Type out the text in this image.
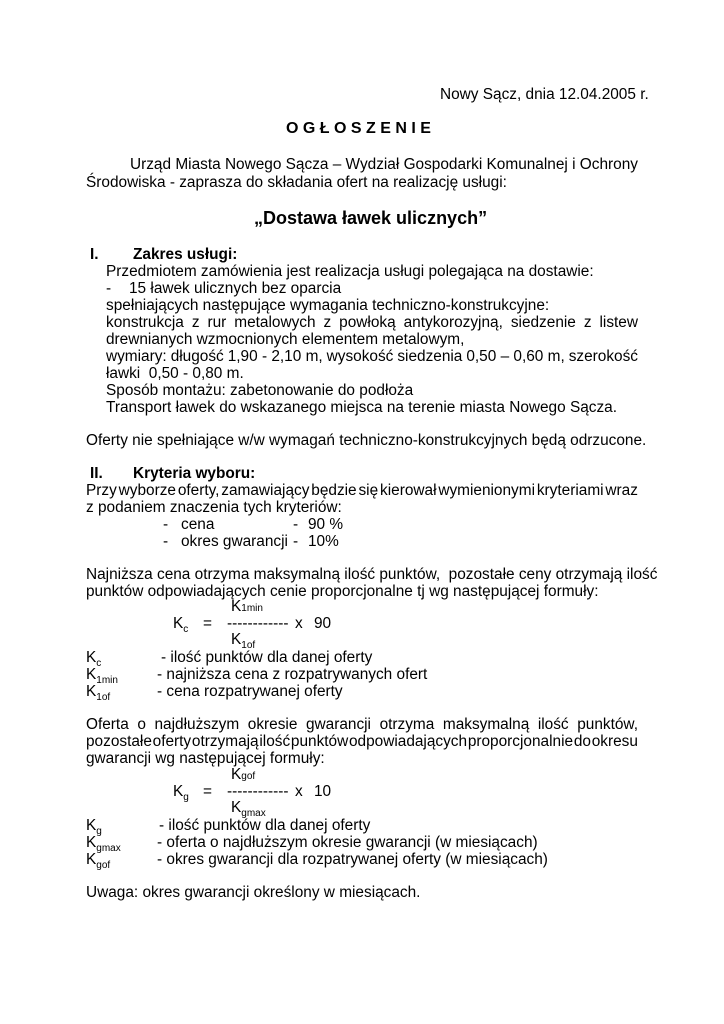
Nowy Sącz, dnia 12.04.2005 r.
O G Ł O S Z E N I E
Urząd Miasta Nowego Sącza – Wydział Gospodarki Komunalnej i Ochrony
Środowiska - zaprasza do składania ofert na realizację usługi:
„Dostawa ławek ulicznych”
I. Zakres usługi:
Przedmiotem zamówienia jest realizacja usługi polegająca na dostawie:
- 15 ławek ulicznych bez oparcia
spełniających następujące wymagania techniczno-konstrukcyjne:
konstrukcja z rur metalowych z powłoką antykorozyjną, siedzenie z listew
drewnianych wzmocnionych elementem metalowym,
wymiary: długość 1,90 - 2,10 m, wysokość siedzenia 0,50 – 0,60 m, szerokość
ławki  0,50 - 0,80 m.
Sposób montażu: zabetonowanie do podłoża
Transport ławek do wskazanego miejsca na terenie miasta Nowego Sącza.
Oferty nie spełniające w/w wymagań techniczno-konstrukcyjnych będą odrzucone.
II. Kryteria wyboru:
Przy wyborze oferty, zamawiający będzie się kierował wymienionymi kryteriami wraz
z podaniem znaczenia tych kryteriów:
- cena	- 90 %
- okres gwarancji - 10%
Najniższa cena otrzyma maksymalną ilość punktów,  pozostałe ceny otrzymają ilość
punktów odpowiadających cenie proporcjonalne tj wg następującej formuły:
K1min
$K_c$ = ------------ x 90
$K_{1of}$
$K_c$	- ilość punktów dla danej oferty
$K_{1min}$	- najniższa cena z rozpatrywanych ofert
$K_{1of}$	- cena rozpatrywanej oferty
Oferta o najdłuższym okresie gwarancji otrzyma maksymalną ilość punktów,
pozostałe oferty otrzymają ilość punktów odpowiadających proporcjonalnie do okresu
gwarancji wg następującej formuły:
Kgof
$K_g$ = ------------ x 10
$K_{gmax}$
$K_g$	- ilość punktów dla danej oferty
$K_{gmax}$ - oferta o najdłuższym okresie gwarancji (w miesiącach)
$K_{gof}$	- okres gwarancji dla rozpatrywanej oferty (w miesiącach)
Uwaga: okres gwarancji określony w miesiącach.
